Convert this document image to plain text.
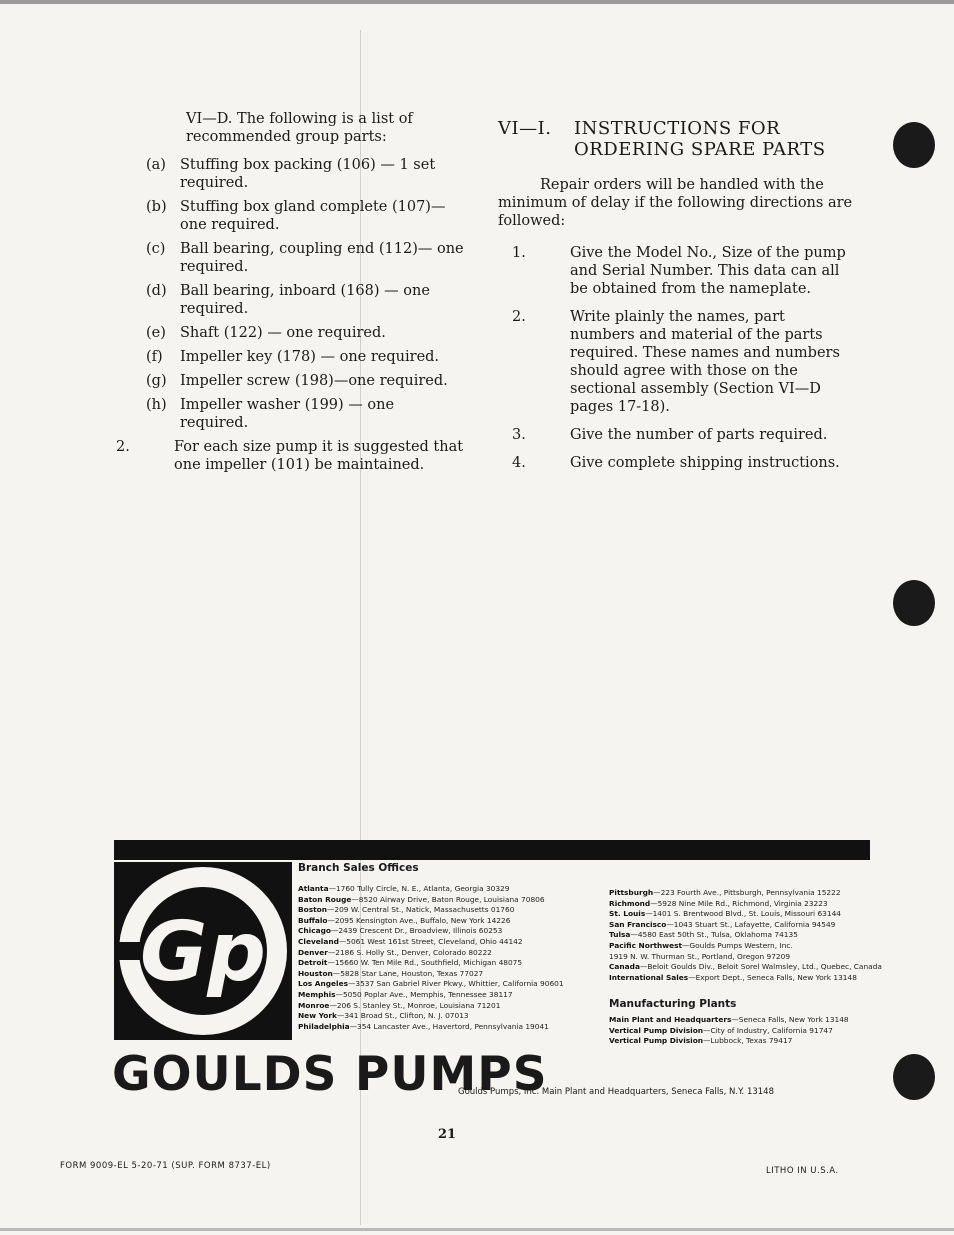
VI—D. The following is a list of recommended group parts:
(a) Stuffing box packing (106) — 1 set required.
(b) Stuffing box gland complete (107)— one required.
(c) Ball bearing, coupling end (112)— one required.
(d) Ball bearing, inboard (168) — one required.
(e) Shaft (122) — one required.
(f) Impeller key (178) — one required.
(g) Impeller screw (198)—one required.
(h) Impeller washer (199) — one required.
2.	For each size pump it is suggested that one impeller (101) be maintained.
VI—I. INSTRUCTIONS FOR
ORDERING SPARE PARTS
Repair orders will be handled with the minimum of delay if the following directions are followed:
1.	Give the Model No., Size of the pump and Serial Number. This data can all be obtained from the nameplate.
2.	Write plainly the names, part numbers and material of the parts required. These names and numbers should agree with those on the sectional assembly (Section VI—D pages 17-18).
3.	Give the number of parts required.
4.	Give complete shipping instructions.
Gp
Branch Sales Offices
Atlanta—1760 Tully Circle, N. E., Atlanta, Georgia 30329
Baton Rouge—8520 Airway Drive, Baton Rouge, Louisiana 70806
Boston—209 W. Central St., Natick, Massachusetts 01760
Buffalo—2095 Kensington Ave., Buffalo, New York 14226
Chicago—2439 Crescent Dr., Broadview, Illinois 60253
Cleveland—5061 West 161st Street, Cleveland, Ohio 44142
Denver—2186 S. Holly St., Denver, Colorado 80222
Detroit—15660 W. Ten Mile Rd., Southfield, Michigan 48075
Houston—5828 Star Lane, Houston, Texas 77027
Los Angeles—3537 San Gabriel River Pkwy., Whittier, California 90601
Memphis—5050 Poplar Ave., Memphis, Tennessee 38117
Monroe—206 S. Stanley St., Monroe, Louisiana 71201
New York—341 Broad St., Clifton, N. J. 07013
Philadelphia—354 Lancaster Ave., Havertord, Pennsylvania 19041
Pittsburgh—223 Fourth Ave., Pittsburgh, Pennsylvania 15222
Richmond—5928 Nine Mile Rd., Richmond, Virginia 23223
St. Louis—1401 S. Brentwood Blvd., St. Louis, Missouri 63144
San Francisco—1043 Stuart St., Lafayette, California 94549
Tulsa—4580 East 50th St., Tulsa, Oklahoma 74135
Pacific Northwest—Goulds Pumps Western, Inc. 1919 N. W. Thurman St., Portland, Oregon 97209
Canada—Beloit Goulds Div., Beloit Sorel Walmsley, Ltd., Quebec, Canada
International Sales—Export Dept., Seneca Falls, New York 13148
Manufacturing Plants
Main Plant and Headquarters—Seneca Falls, New York 13148
Vertical Pump Division—City of Industry, California 91747
Vertical Pump Division—Lubbock, Texas 79417
GOULDS PUMPS
Goulds Pumps, Inc. Main Plant and Headquarters, Seneca Falls, N.Y. 13148
21
FORM 9009-EL 5-20-71 (SUP. FORM 8737-EL)	LITHO IN U.S.A.
